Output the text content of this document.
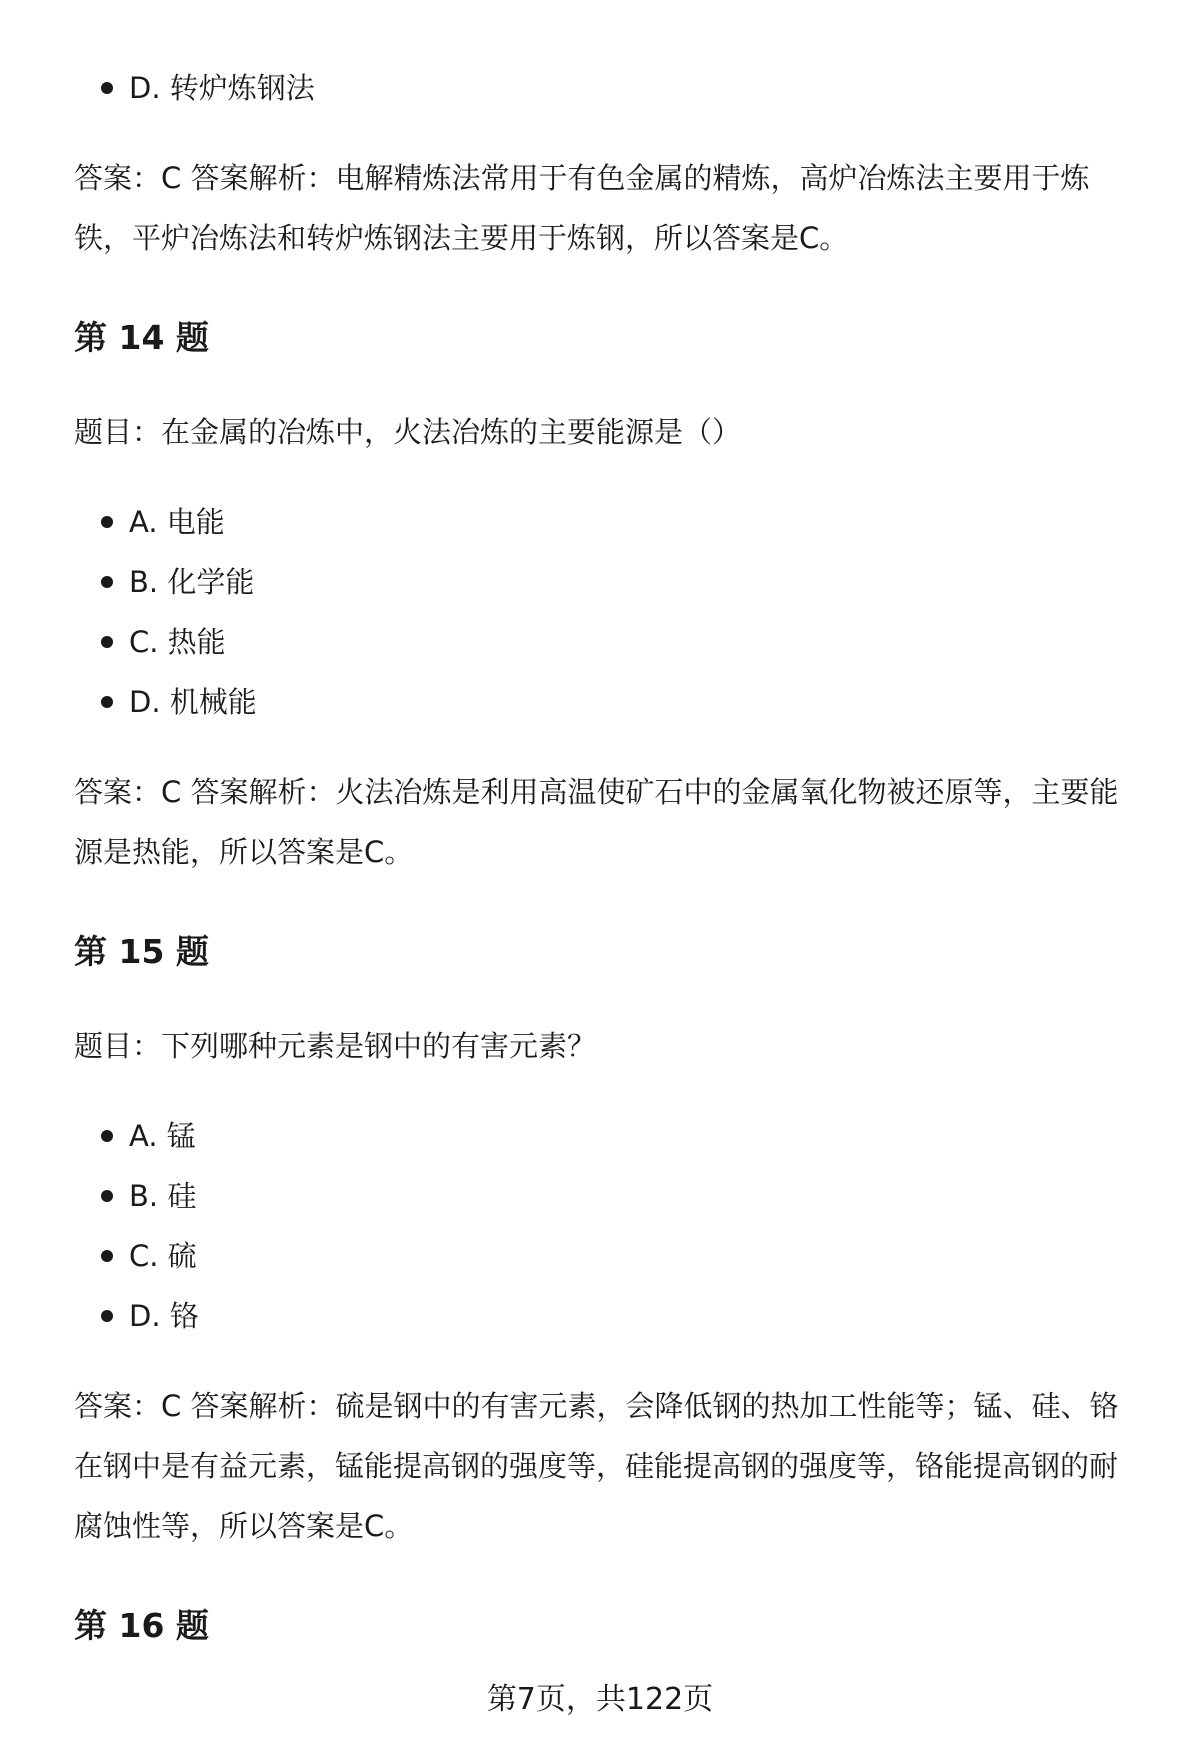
D. 转炉炼钢法

答案：C 答案解析：电解精炼法常用于有色金属的精炼，高炉冶炼法主要用于炼铁，平炉冶炼法和转炉炼钢法主要用于炼钢，所以答案是C。

第 14 题

题目：在金属的冶炼中，火法冶炼的主要能源是（）

A. 电能
B. 化学能
C. 热能
D. 机械能

答案：C 答案解析：火法冶炼是利用高温使矿石中的金属氧化物被还原等，主要能源是热能，所以答案是C。

第 15 题

题目：下列哪种元素是钢中的有害元素？

A. 锰
B. 硅
C. 硫
D. 铬

答案：C 答案解析：硫是钢中的有害元素，会降低钢的热加工性能等；锰、硅、铬在钢中是有益元素，锰能提高钢的强度等，硅能提高钢的强度等，铬能提高钢的耐腐蚀性等，所以答案是C。

第 16 题

第7页，共122页
